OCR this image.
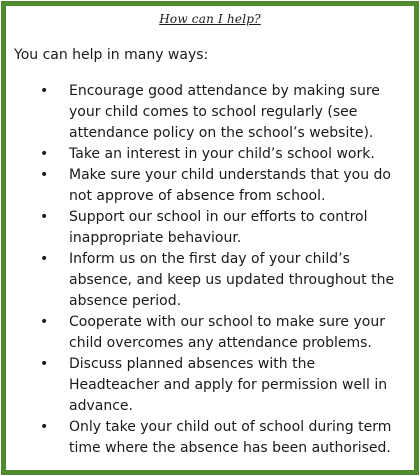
How can I help?
You can help in many ways:
• Encourage good attendance by making sure your child comes to school regularly (see attendance policy on the school’s website).
• Take an interest in your child’s school work.
• Make sure your child understands that you do not approve of absence from school.
• Support our school in our efforts to control inappropriate behaviour.
• Inform us on the first day of your child’s absence, and keep us updated throughout the absence period.
• Cooperate with our school to make sure your child overcomes any attendance problems.
• Discuss planned absences with the Headteacher and apply for permission well in advance.
• Only take your child out of school during term time where the absence has been authorised.
